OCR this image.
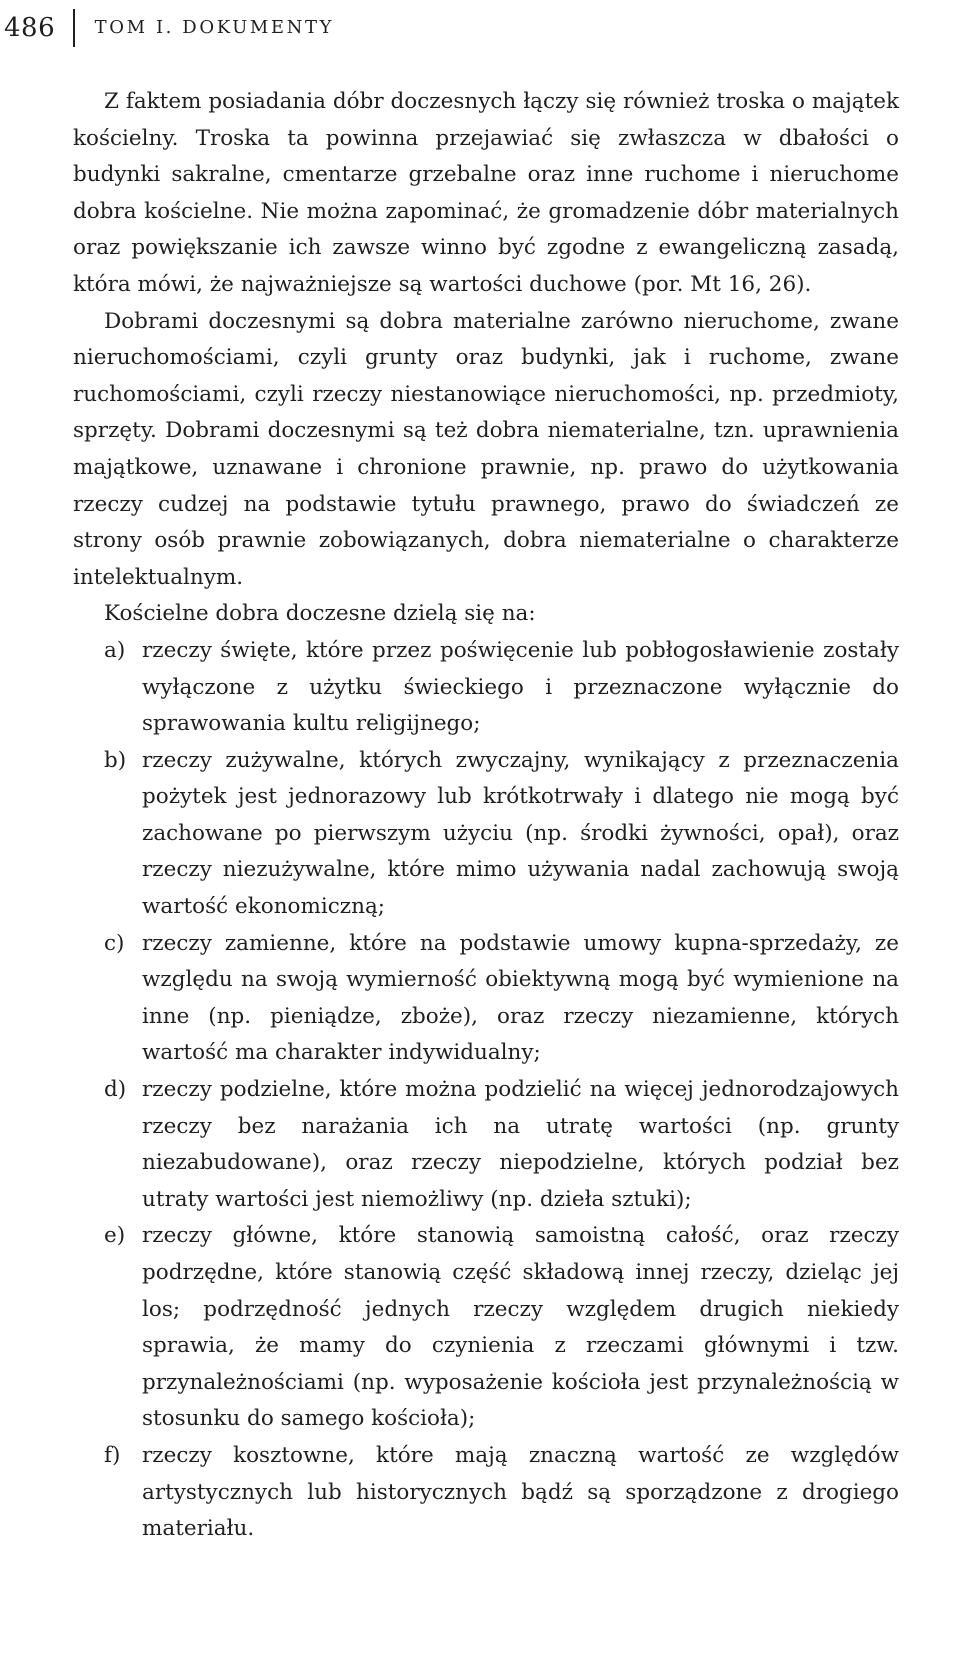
486 TOM I. DOKUMENTY

Z faktem posiadania dóbr doczesnych łączy się również troska o majątek kościelny. Troska ta powinna przejawiać się zwłaszcza w dbałości o budynki sakralne, cmentarze grzebalne oraz inne ruchome i nieruchome dobra kościelne. Nie można zapominać, że gromadzenie dóbr materialnych oraz powiększanie ich zawsze winno być zgodne z ewangeliczną zasadą, która mówi, że najważniejsze są wartości duchowe (por. Mt 16, 26).

Dobrami doczesnymi są dobra materialne zarówno nieruchome, zwane nieruchomościami, czyli grunty oraz budynki, jak i ruchome, zwane ruchomościami, czyli rzeczy niestanowiące nieruchomości, np. przedmioty, sprzęty. Dobrami doczesnymi są też dobra niematerialne, tzn. uprawnienia majątkowe, uznawane i chronione prawnie, np. prawo do użytkowania rzeczy cudzej na podstawie tytułu prawnego, prawo do świadczeń ze strony osób prawnie zobowiązanych, dobra niematerialne o charakterze intelektualnym.

Kościelne dobra doczesne dzielą się na:

a) rzeczy święte, które przez poświęcenie lub pobłogosławienie zostały wyłączone z użytku świeckiego i przeznaczone wyłącznie do sprawowania kultu religijnego;
b) rzeczy zużywalne, których zwyczajny, wynikający z przeznaczenia pożytek jest jednorazowy lub krótkotrwały i dlatego nie mogą być zachowane po pierwszym użyciu (np. środki żywności, opał), oraz rzeczy niezużywalne, które mimo używania nadal zachowują swoją wartość ekonomiczną;
c) rzeczy zamienne, które na podstawie umowy kupna-sprzedaży, ze względu na swoją wymierność obiektywną mogą być wymienione na inne (np. pieniądze, zboże), oraz rzeczy niezamienne, których wartość ma charakter indywidualny;
d) rzeczy podzielne, które można podzielić na więcej jednorodzajowych rzeczy bez narażania ich na utratę wartości (np. grunty niezabudowane), oraz rzeczy niepodzielne, których podział bez utraty wartości jest niemożliwy (np. dzieła sztuki);
e) rzeczy główne, które stanowią samoistną całość, oraz rzeczy podrzędne, które stanowią część składową innej rzeczy, dzieląc jej los; podrzędność jednych rzeczy względem drugich niekiedy sprawia, że mamy do czynienia z rzeczami głównymi i tzw. przynależnościami (np. wyposażenie kościoła jest przynależnością w stosunku do samego kościoła);
f) rzeczy kosztowne, które mają znaczną wartość ze względów artystycznych lub historycznych bądź są sporządzone z drogiego materiału.
